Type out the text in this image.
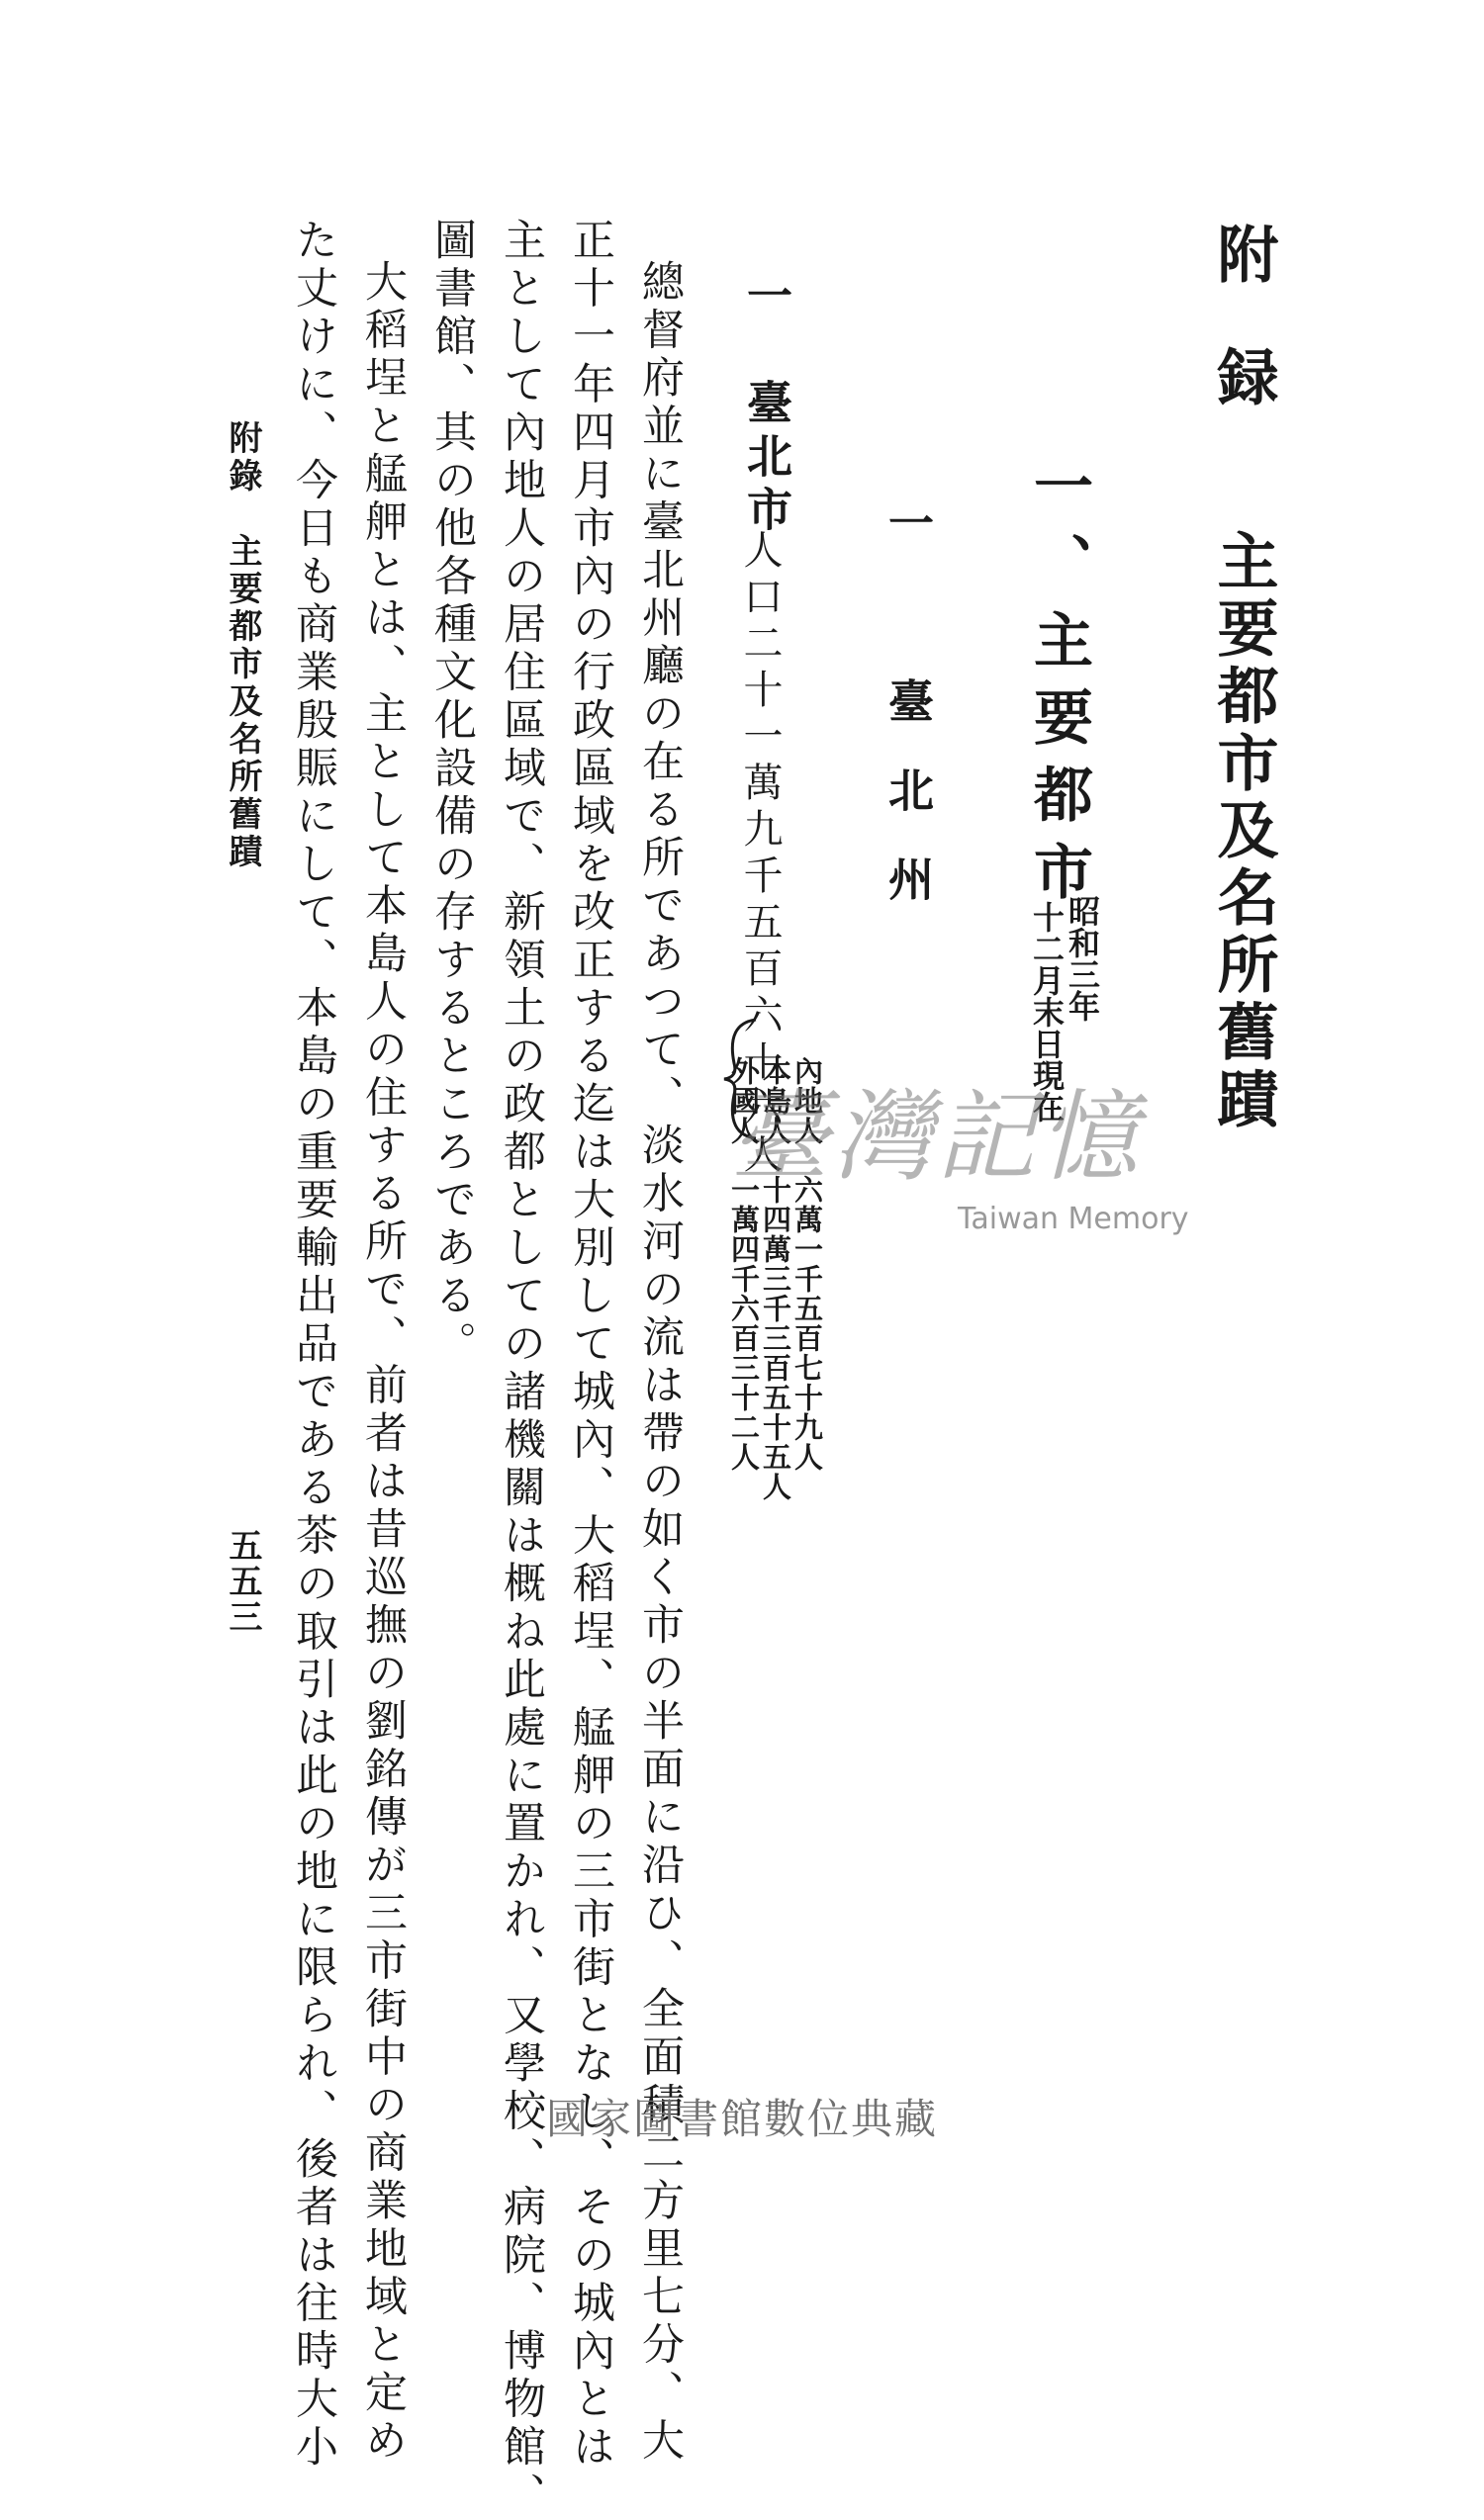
附録
主要都市及名所舊蹟
一、主要都市
昭和三年
十二月末日現在
一　臺北州
一　臺北市
人口二十一萬九千五百六十六人
內地人　六萬一千五百七十九人
本島人　十四萬三千三百五十五人
外國人　一萬四千六百三十二人
總督府並に臺北州廳の在る所であつて、淡水河の流は帶の如く市の半面に沿ひ、全面積二方里七分、大
正十一年四月市內の行政區域を改正する迄は大別して城內、大稻埕、艋舺の三市街となし、その城內とは
主として內地人の居住區域で、新領土の政都としての諸機關は概ね此處に置かれ、又學校、病院、博物館、
圖書館、其の他各種文化設備の存するところである。
大稻埕と艋舺とは、主として本島人の住する所で、前者は昔巡撫の劉銘傳が三市街中の商業地域と定め
た丈けに、今日も商業殷賑にして、本島の重要輸出品である茶の取引は此の地に限られ、後者は往時大小
附錄　主要都市及名所舊蹟
五五三
臺灣記憶
Taiwan Memory
國家圖書館數位典藏
